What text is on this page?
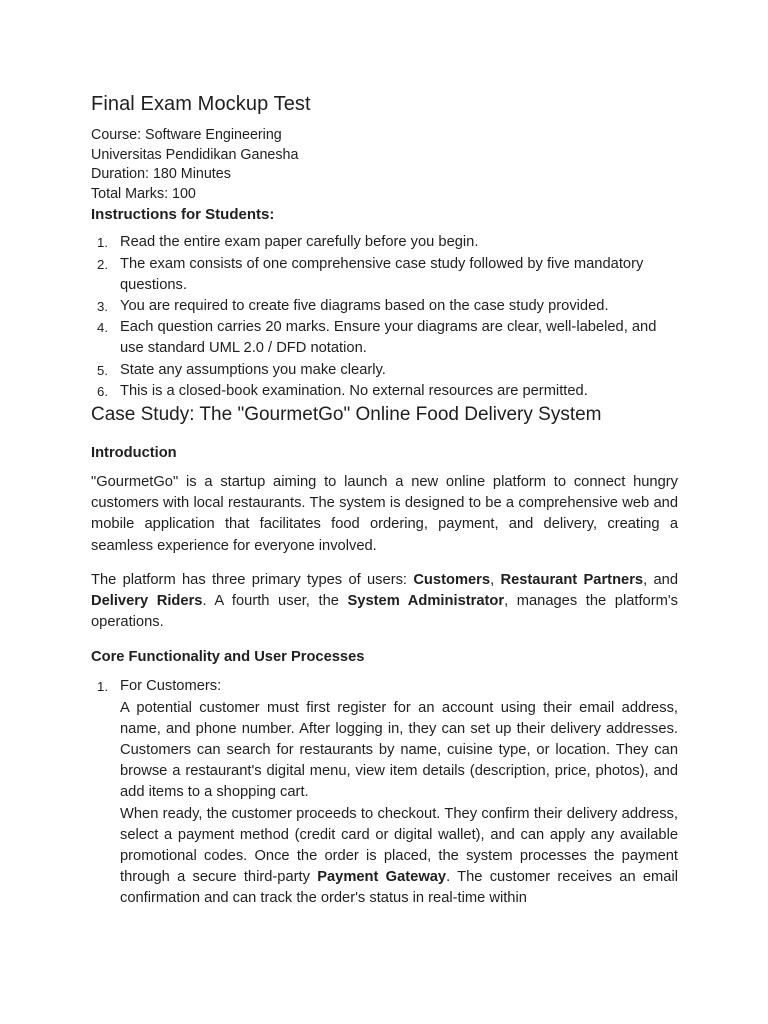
Final Exam Mockup Test

Course: Software Engineering

Universitas Pendidikan Ganesha

Duration: 180 Minutes

Total Marks: 100

Instructions for Students:
1. Read the entire exam paper carefully before you begin.
2. The exam consists of one comprehensive case study followed by five mandatory questions.
3. You are required to create five diagrams based on the case study provided.
4. Each question carries 20 marks. Ensure your diagrams are clear, well-labeled, and use standard UML 2.0 / DFD notation.
5. State any assumptions you make clearly.
6. This is a closed-book examination. No external resources are permitted.
Case Study: The "GourmetGo" Online Food Delivery System
Introduction

"GourmetGo" is a startup aiming to launch a new online platform to connect hungry customers with local restaurants. The system is designed to be a comprehensive web and mobile application that facilitates food ordering, payment, and delivery, creating a seamless experience for everyone involved.

The platform has three primary types of users: Customers, Restaurant Partners, and Delivery Riders. A fourth user, the System Administrator, manages the platform's operations.

Core Functionality and User Processes
1. For Customers:
A potential customer must first register for an account using their email address, name, and phone number. After logging in, they can set up their delivery addresses. Customers can search for restaurants by name, cuisine type, or location. They can browse a restaurant's digital menu, view item details (description, price, photos), and add items to a shopping cart.
When ready, the customer proceeds to checkout. They confirm their delivery address, select a payment method (credit card or digital wallet), and can apply any available promotional codes. Once the order is placed, the system processes the payment through a secure third-party Payment Gateway. The customer receives an email confirmation and can track the order's status in real-time within
